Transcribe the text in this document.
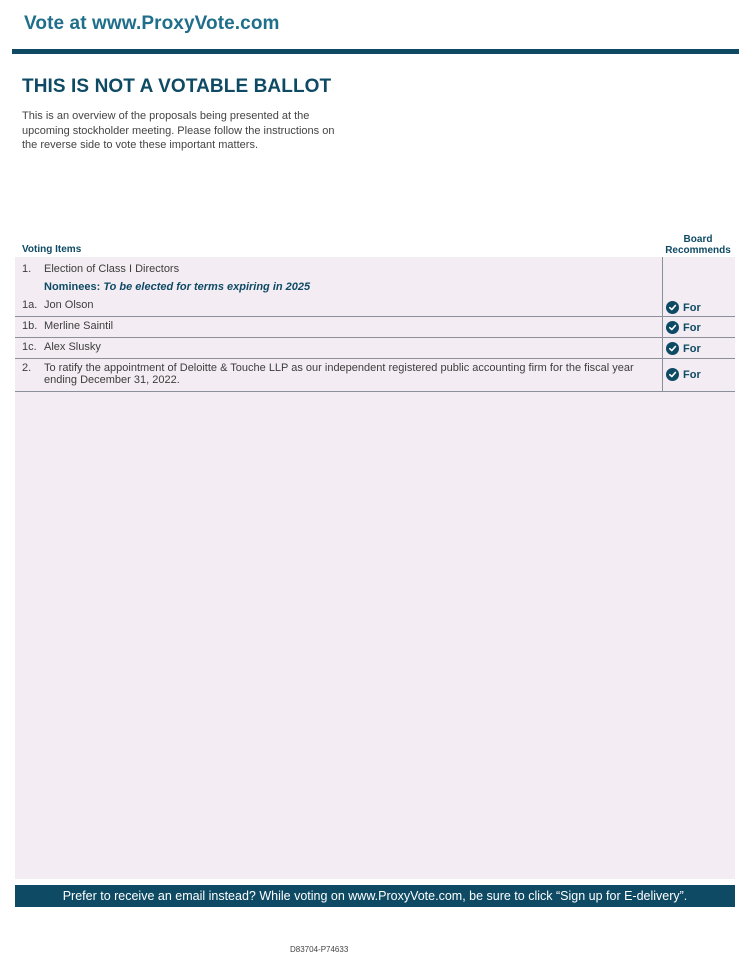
Vote at www.ProxyVote.com
THIS IS NOT A VOTABLE BALLOT
This is an overview of the proposals being presented at the
upcoming stockholder meeting. Please follow the instructions on
the reverse side to vote these important matters.
Voting Items
Board
Recommends
1. Election of Class I Directors
Nominees: To be elected for terms expiring in 2025
1a. Jon Olson	For
1b. Merline Saintil	For
1c. Alex Slusky	For
2. To ratify the appointment of Deloitte & Touche LLP as our independent registered public accounting firm for the fiscal year ending December 31, 2022.	For
Prefer to receive an email instead? While voting on www.ProxyVote.com, be sure to click “Sign up for E-delivery”.
D83704-P74633
